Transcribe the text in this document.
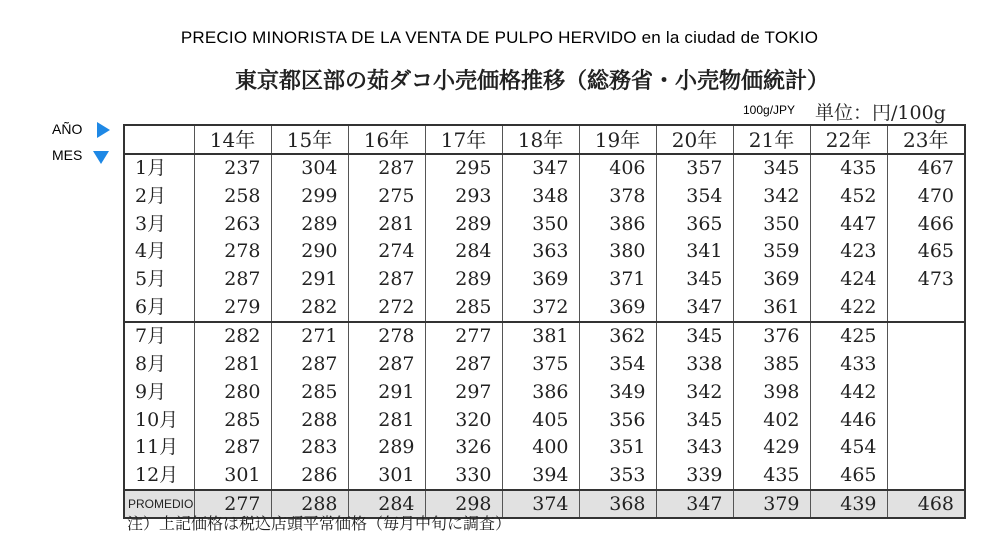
PRECIO MINORISTA DE LA VENTA DE PULPO HERVIDO en la ciudad de TOKIO
東京都区部の茹ダコ小売価格推移（総務省・小売物価統計）
100g/JPY 単位：円/100g
AÑO
MES
	14年	15年	16年	17年	18年	19年	20年	21年	22年	23年
1月	237	304	287	295	347	406	357	345	435	467
2月	258	299	275	293	348	378	354	342	452	470
3月	263	289	281	289	350	386	365	350	447	466
4月	278	290	274	284	363	380	341	359	423	465
5月	287	291	287	289	369	371	345	369	424	473
6月	279	282	272	285	372	369	347	361	422	
7月	282	271	278	277	381	362	345	376	425	
8月	281	287	287	287	375	354	338	385	433	
9月	280	285	291	297	386	349	342	398	442	
10月	285	288	281	320	405	356	345	402	446	
11月	287	283	289	326	400	351	343	429	454	
12月	301	286	301	330	394	353	339	435	465	
PROMEDIO	277	288	284	298	374	368	347	379	439	468
注）上記価格は税込店頭平常価格（毎月中旬に調査）
